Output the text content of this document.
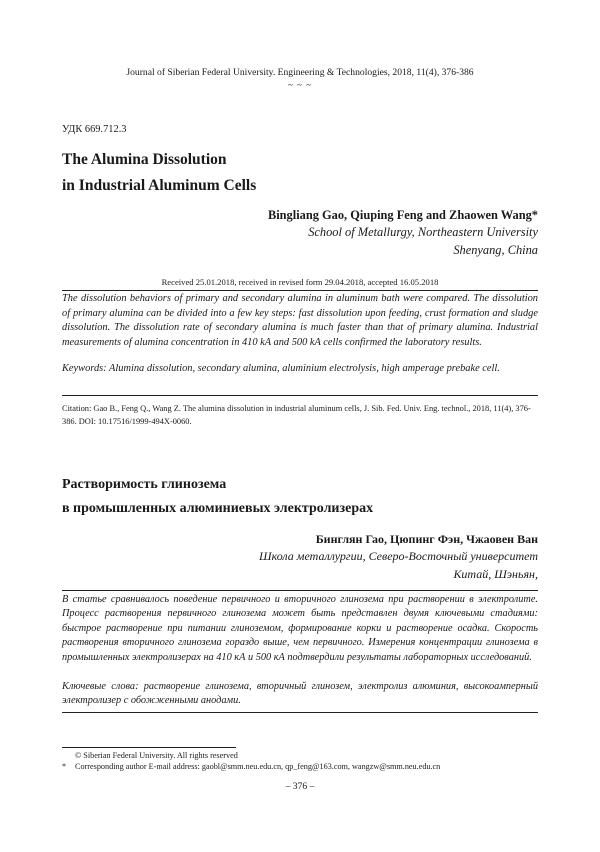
Journal of Siberian Federal University. Engineering & Technologies, 2018, 11(4), 376-386
~ ~ ~
УДК 669.712.3
The Alumina Dissolution
in Industrial Aluminum Cells
Bingliang Gao, Qiuping Feng and Zhaowen Wang*
School of Metallurgy, Northeastern University
Shenyang, China
Received 25.01.2018, received in revised form 29.04.2018, accepted 16.05.2018

The dissolution behaviors of primary and secondary alumina in aluminum bath were compared. The dissolution of primary alumina can be divided into a few key steps: fast dissolution upon feeding, crust formation and sludge dissolution. The dissolution rate of secondary alumina is much faster than that of primary alumina. Industrial measurements of alumina concentration in 410 kA and 500 kA cells confirmed the laboratory results.

Keywords: Alumina dissolution, secondary alumina, aluminium electrolysis, high amperage prebake cell.

Citation: Gao B., Feng Q., Wang Z. The alumina dissolution in industrial aluminum cells, J. Sib. Fed. Univ. Eng. technol., 2018, 11(4), 376-386. DOI: 10.17516/1999-494X-0060.

Растворимость глинозема
в промышленных алюминиевых электролизерах
Бинглян Гао, Цюпинг Фэн, Чжаовен Ван
Школа металлургии, Северо-Восточный университет
Китай, Шэньян,

В статье сравнивалось поведение первичного и вторичного глинозема при растворении в электролите. Процесс растворения первичного глинозема может быть представлен двумя ключевыми стадиями: быстрое растворение при питании глиноземом, формирование корки и растворение осадка. Скорость растворения вторичного глинозема гораздо выше, чем первичного. Измерения концентрации глинозема в промышленных электролизерах на 410 кА и 500 кА подтвердили результаты лабораторных исследований.

Ключевые слова: растворение глинозема, вторичный глинозем, электролиз алюминия, высокоамперный электролизер с обожженными анодами.

© Siberian Federal University. All rights reserved
* Corresponding author E-mail address: gaobl@smm.neu.edu.cn, qp_feng@163.com, wangzw@smm.neu.edu.cn
– 376 –
